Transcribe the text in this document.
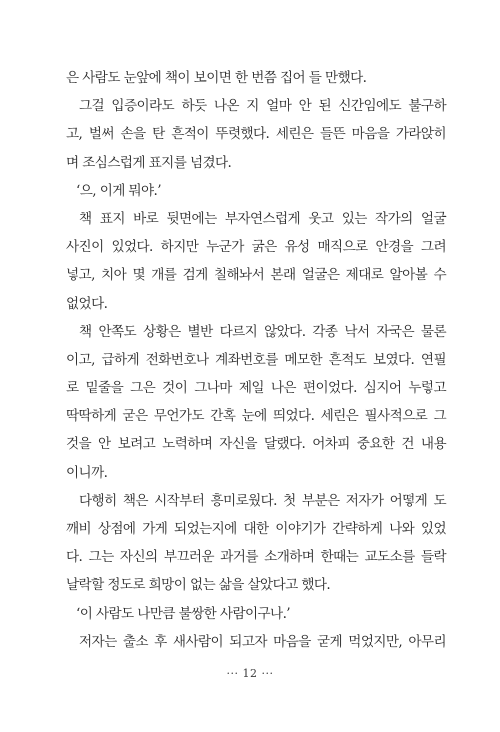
은 사람도 눈앞에 책이 보이면 한 번쯤 집어 들 만했다.
그걸 입증이라도 하듯 나온 지 얼마 안 된 신간임에도 불구하
고, 벌써 손을 탄 흔적이 뚜렷했다. 세린은 들뜬 마음을 가라앉히
며 조심스럽게 표지를 넘겼다.
‘으, 이게 뭐야.’
책 표지 바로 뒷면에는 부자연스럽게 웃고 있는 작가의 얼굴
사진이 있었다. 하지만 누군가 굵은 유성 매직으로 안경을 그려
넣고, 치아 몇 개를 검게 칠해놔서 본래 얼굴은 제대로 알아볼 수
없었다.
책 안쪽도 상황은 별반 다르지 않았다. 각종 낙서 자국은 물론
이고, 급하게 전화번호나 계좌번호를 메모한 흔적도 보였다. 연필
로 밑줄을 그은 것이 그나마 제일 나은 편이었다. 심지어 누렇고
딱딱하게 굳은 무언가도 간혹 눈에 띄었다. 세린은 필사적으로 그
것을 안 보려고 노력하며 자신을 달랬다. 어차피 중요한 건 내용
이니까.
다행히 책은 시작부터 흥미로웠다. 첫 부분은 저자가 어떻게 도
깨비 상점에 가게 되었는지에 대한 이야기가 간략하게 나와 있었
다. 그는 자신의 부끄러운 과거를 소개하며 한때는 교도소를 들락
날락할 정도로 희망이 없는 삶을 살았다고 했다.
‘이 사람도 나만큼 불쌍한 사람이구나.’
저자는 출소 후 새사람이 되고자 마음을 굳게 먹었지만, 아무리
··· 12 ···
